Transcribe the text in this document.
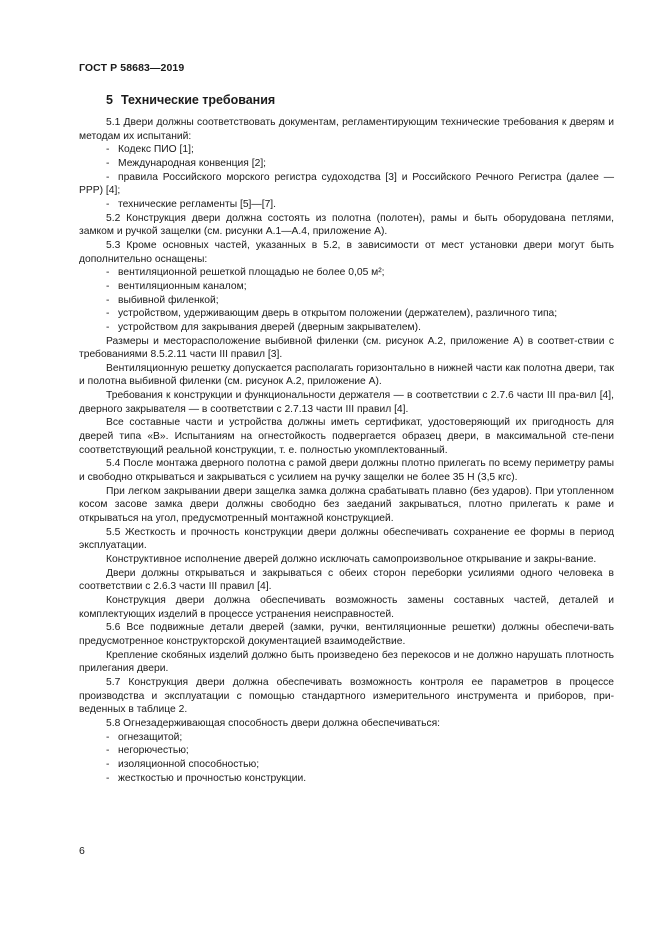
ГОСТ Р 58683—2019
5 Технические требования

5.1 Двери должны соответствовать документам, регламентирующим технические требования к дверям и методам их испытаний:

- Кодекс ПИО [1];

- Международная конвенция [2];

- правила Российского морского регистра судоходства [3] и Российского Речного Регистра (далее — РРР) [4];

- технические регламенты [5]—[7].

5.2 Конструкция двери должна состоять из полотна (полотен), рамы и быть оборудована петлями, замком и ручкой защелки (см. рисунки А.1—А.4, приложение А).

5.3 Кроме основных частей, указанных в 5.2, в зависимости от мест установки двери могут быть дополнительно оснащены:

- вентиляционной решеткой площадью не более 0,05 м²;

- вентиляционным каналом;

- выбивной филенкой;

- устройством, удерживающим дверь в открытом положении (держателем), различного типа;

- устройством для закрывания дверей (дверным закрывателем).

Размеры и месторасположение выбивной филенки (см. рисунок А.2, приложение А) в соответ-ствии с требованиями 8.5.2.11 части III правил [3].

Вентиляционную решетку допускается располагать горизонтально в нижней части как полотна двери, так и полотна выбивной филенки (см. рисунок А.2, приложение А).

Требования к конструкции и функциональности держателя — в соответствии с 2.7.6 части III пра-вил [4], дверного закрывателя — в соответствии с 2.7.13 части III правил [4].

Все составные части и устройства должны иметь сертификат, удостоверяющий их пригодность для дверей типа «В». Испытаниям на огнестойкость подвергается образец двери, в максимальной сте-пени соответствующий реальной конструкции, т. е. полностью укомплектованный.

5.4 После монтажа дверного полотна с рамой двери должны плотно прилегать по всему периметру рамы и свободно открываться и закрываться с усилием на ручку защелки не более 35 Н (3,5 кгс).

При легком закрывании двери защелка замка должна срабатывать плавно (без ударов). При утопленном косом засове замка двери должны свободно без заеданий закрываться, плотно прилегать к раме и открываться на угол, предусмотренный монтажной конструкцией.

5.5 Жесткость и прочность конструкции двери должны обеспечивать сохранение ее формы в период эксплуатации.

Конструктивное исполнение дверей должно исключать самопроизвольное открывание и закры-вание.

Двери должны открываться и закрываться с обеих сторон переборки усилиями одного человека в соответствии с 2.6.3 части III правил [4].

Конструкция двери должна обеспечивать возможность замены составных частей, деталей и комплектующих изделий в процессе устранения неисправностей.

5.6 Все подвижные детали дверей (замки, ручки, вентиляционные решетки) должны обеспечи-вать предусмотренное конструкторской документацией взаимодействие.

Крепление скобяных изделий должно быть произведено без перекосов и не должно нарушать плотность прилегания двери.

5.7 Конструкция двери должна обеспечивать возможность контроля ее параметров в процессе производства и эксплуатации с помощью стандартного измерительного инструмента и приборов, при-веденных в таблице 2.

5.8 Огнезадерживающая способность двери должна обеспечиваться:

- огнезащитой;

- негорючестью;

- изоляционной способностью;

- жесткостью и прочностью конструкции.

6
